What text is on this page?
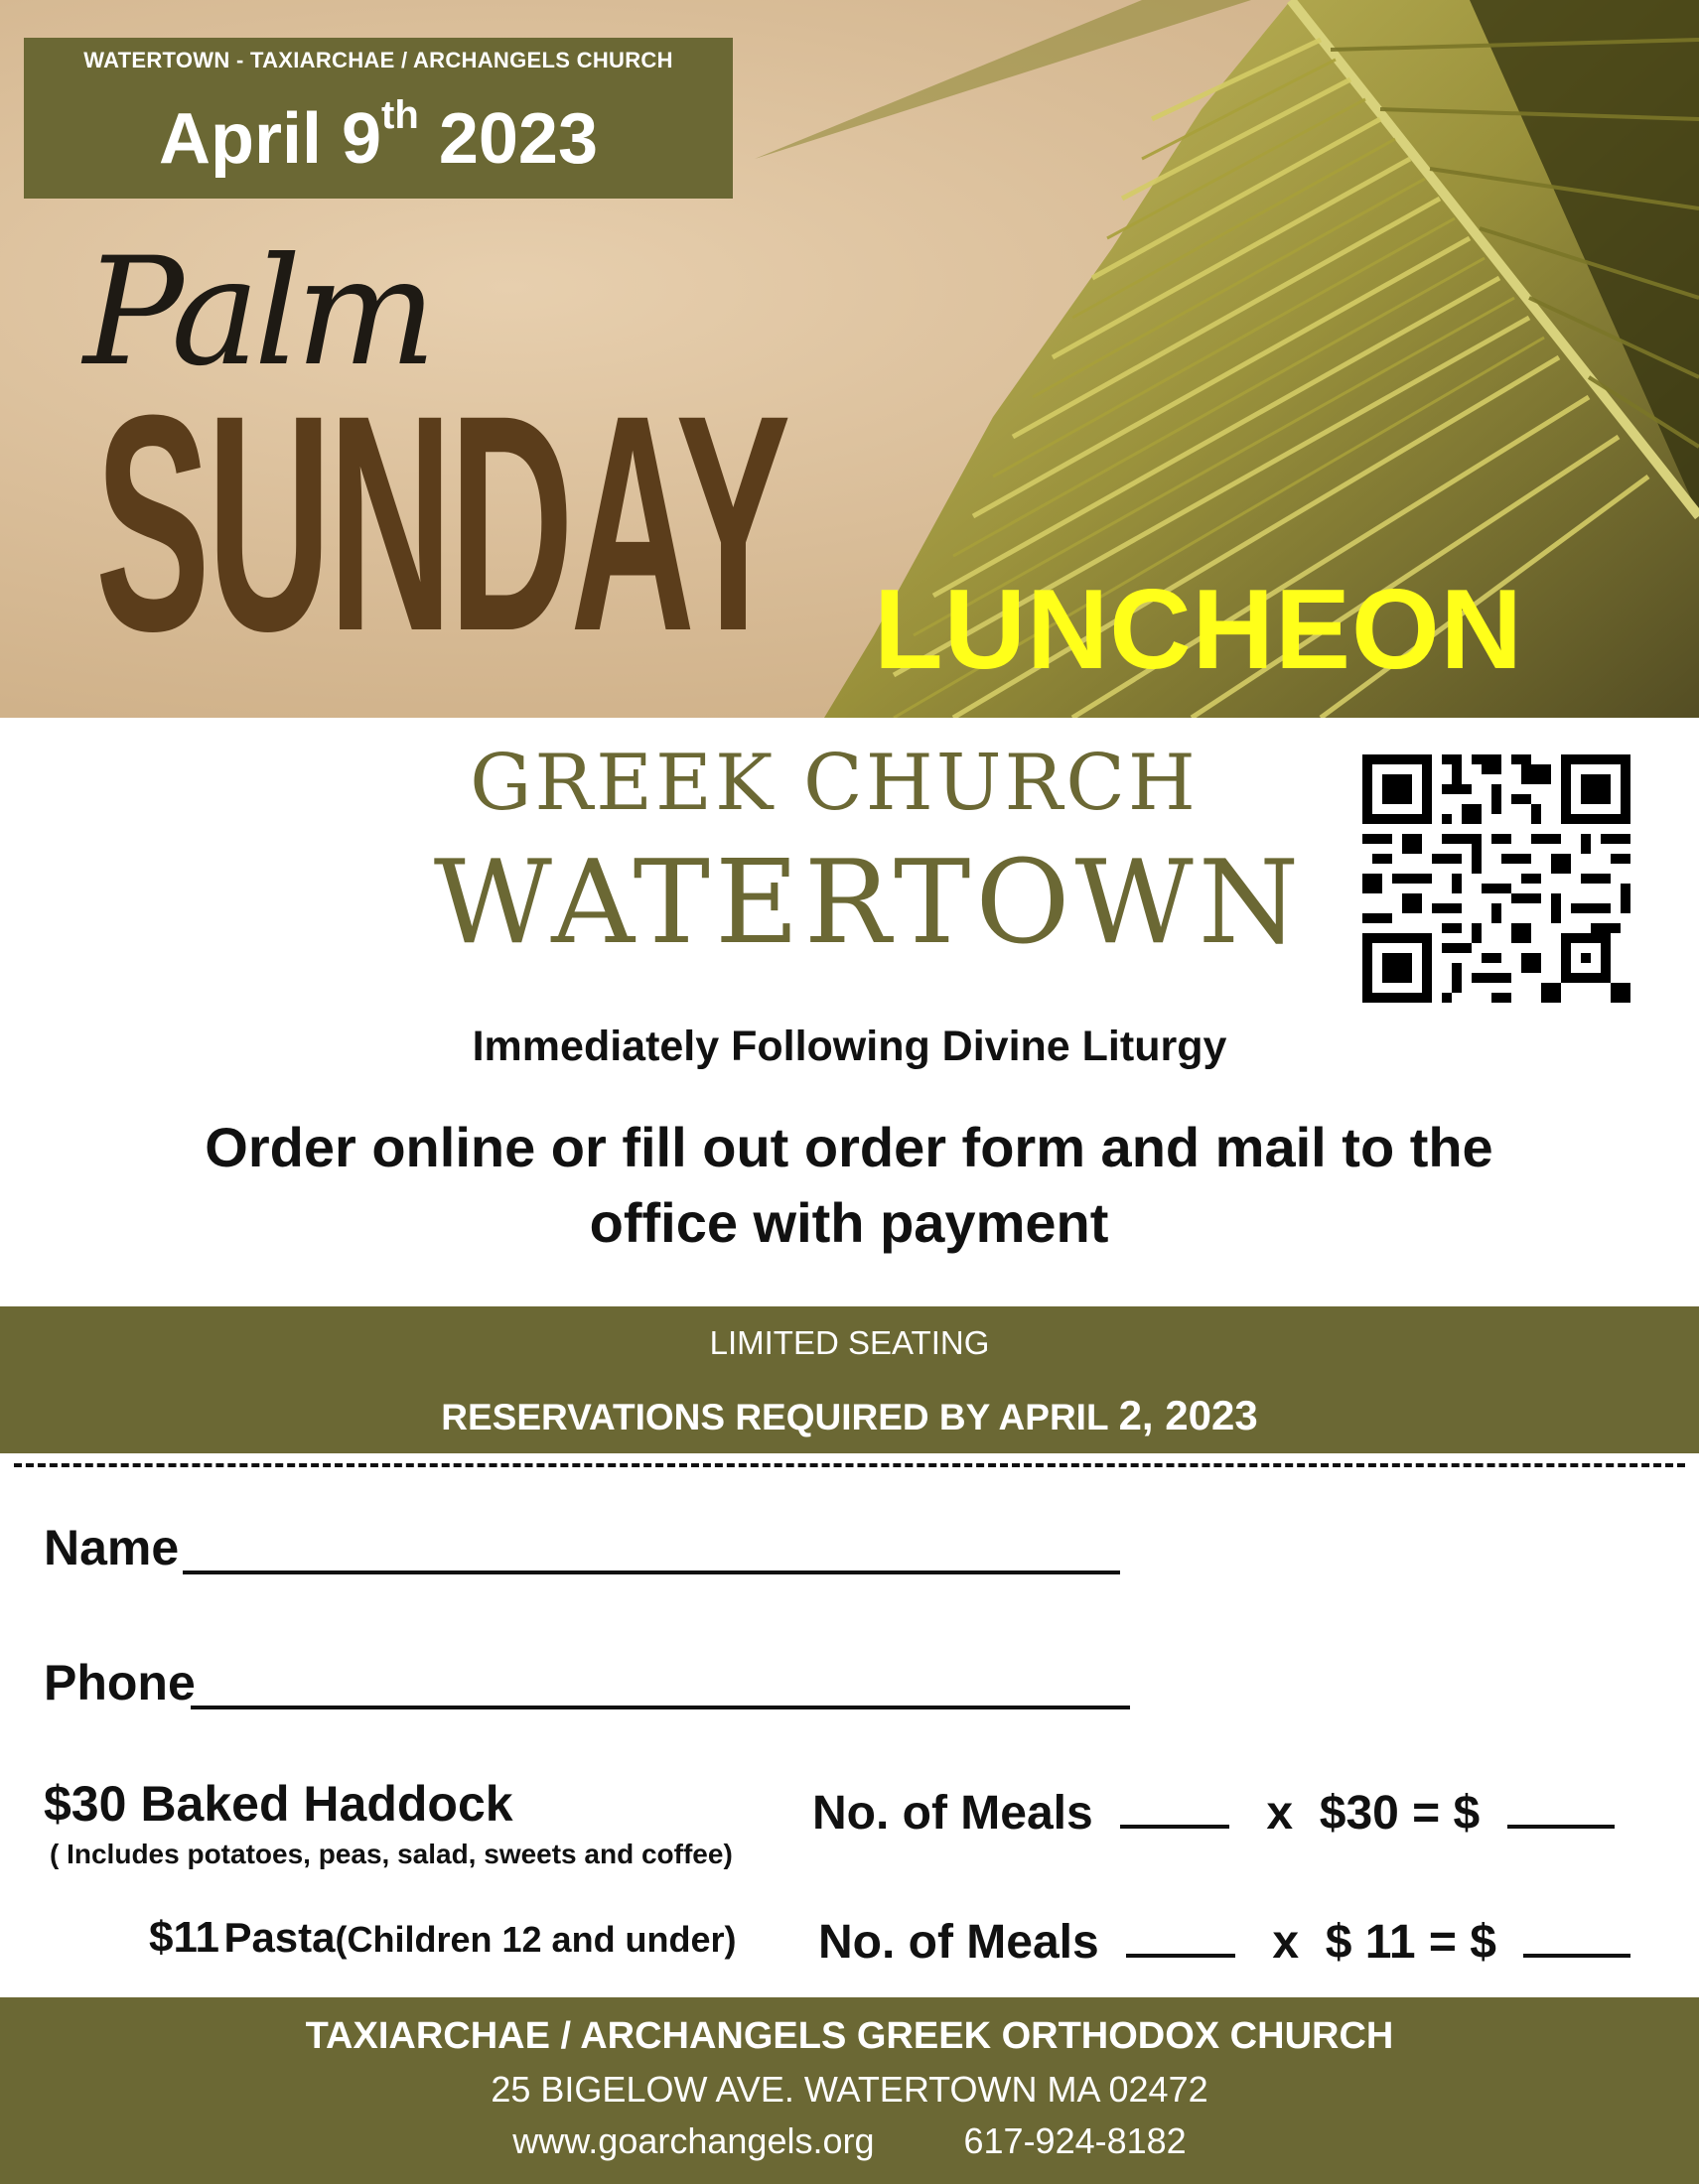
WATERTOWN - TAXIARCHAE / ARCHANGELS CHURCH
April 9th 2023
Palm
SUNDAY LUNCHEON
GREEK CHURCH
WATERTOWN
Immediately Following Divine Liturgy
Order online or fill out order form and mail to the
office with payment
LIMITED SEATING
RESERVATIONS REQUIRED BY APRIL 2, 2023
Name
Phone
$30 Baked Haddock
( Includes potatoes, peas, salad, sweets and coffee)
No. of Meals	x  $30 = $
$11 Pasta(Children 12 and under) No. of Meals	x  $ 11 = $
TAXIARCHAE / ARCHANGELS GREEK ORTHODOX CHURCH
25 BIGELOW AVE. WATERTOWN MA 02472
www.goarchangels.org	617-924-8182
